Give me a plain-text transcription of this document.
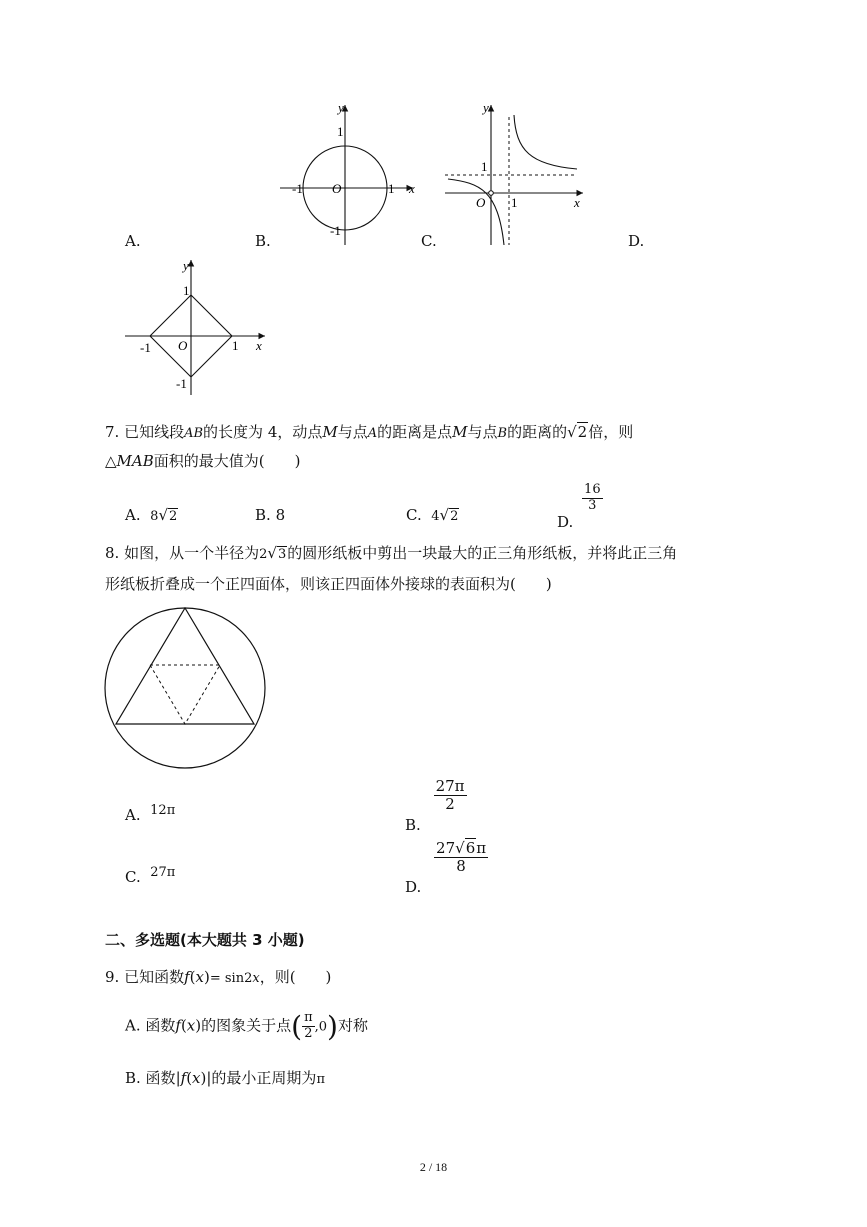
A.	B.	C.	D.
y
x
O	1
-1
1
-1
y
x
O 1
1
y
x
O	1
-1
1
-1
7. 已知线段AB的长度为 4，动点M与点A的距离是点M与点B的距离的√2倍，则
△MAB面积的最大值为(　　)
A. 8√2	B. 8	C. 4√2	D.
$\frac{16}{3}$
8. 如图，从一个半径为2√3的圆形纸板中剪出一块最大的正三角形纸板，并将此正三角
形纸板折叠成一个正四面体，则该正四面体外接球的表面积为(　　)
A. 12π
B.
$\frac{27\pi}{2}$
C. 27π
D.
$\frac{27√6\pi}{8}$
二、多选题(本大题共 3 小题)
9. 已知函数f(x)= sin2x，则(　　)
A. 函数f(x)的图象关于点( $\frac{\pi}{2} ,0$)对称
B. 函数|f(x)|的最小正周期为π
2 / 18
